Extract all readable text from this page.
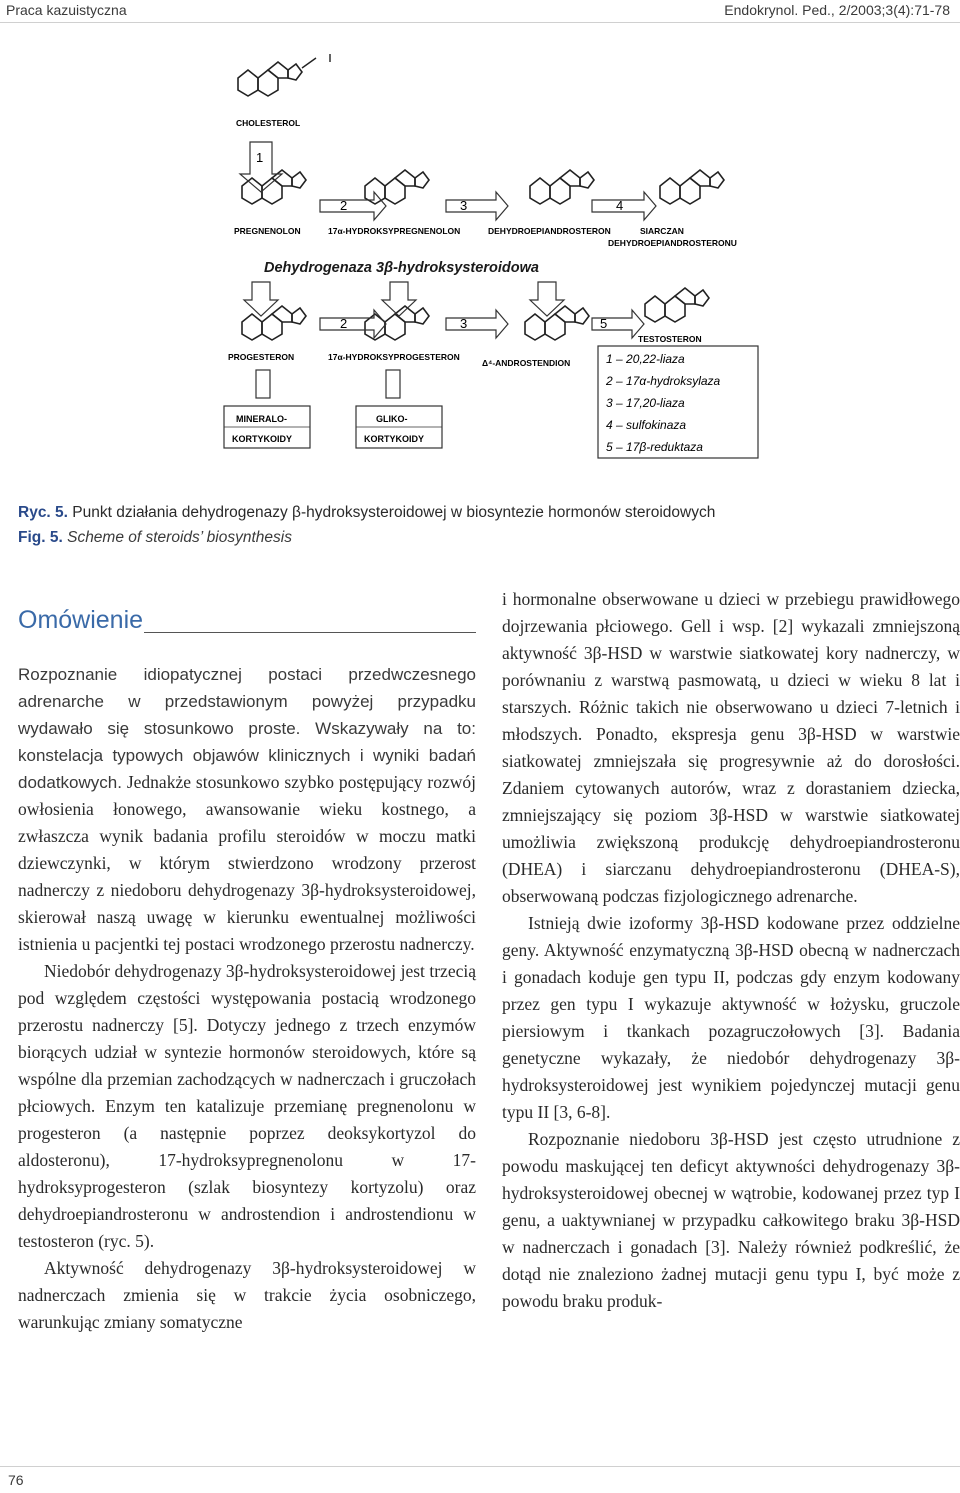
Praca kazuistyczna	Endokrynol. Ped., 2/2003;3(4):71-78
CHOLESTEROL
PREGNENOLON	17α-HYDROKSYPREGNENOLON	DEHYDROEPIANDROSTERON	SIARCZAN
DEHYDROEPIANDROSTERONU
PROGESTERON	17α-HYDROKSYPROGESTERON
Δ⁴-ANDROSTENDION
TESTOSTERON
Dehydrogenaza 3β-hydroksysteroidowa
1
2	3	4
2	3	5
MINERALO-
KORTYKOIDY
GLIKO-
KORTYKOIDY
1 – 20,22-liaza
2 – 17α-hydroksylaza
3 – 17,20-liaza
4 – sulfokinaza
5 – 17β-reduktaza
Ryc. 5. Punkt działania dehydrogenazy β-hydroksysteroidowej w biosyntezie hormonów steroidowych
Fig. 5. Scheme of steroids’ biosynthesis
Omówienie

Rozpoznanie idiopatycznej postaci przedwczesnego adrenarche w przedstawionym powyżej przypadku wydawało się stosunkowo proste. Wskazywały na to: konstelacja typowych objawów klinicznych i wyniki badań dodatkowych. Jednakże stosunkowo szybko postępujący rozwój owłosienia łonowego, awansowanie wieku kostnego, a zwłaszcza wynik badania profilu steroidów w moczu matki dziewczynki, w którym stwierdzono wrodzony przerost nadnerczy z niedoboru dehydrogenazy 3β-hydroksysteroidowej, skierował naszą uwagę w kierunku ewentualnej możliwości istnienia u pacjentki tej postaci wrodzonego przerostu nadnerczy.

Niedobór dehydrogenazy 3β-hydroksysteroidowej jest trzecią pod względem częstości występowania postacią wrodzonego przerostu nadnerczy [5]. Dotyczy jednego z trzech enzymów biorących udział w syntezie hormonów steroidowych, które są wspólne dla przemian zachodzących w nadnerczach i gruczołach płciowych. Enzym ten katalizuje przemianę pregnenolonu w progesteron (a następnie poprzez deoksykortyzol do aldosteronu), 17-hydroksypregnenolonu w 17-hydroksyprogesteron (szlak biosyntezy kortyzolu) oraz dehydroepiandrosteronu w androstendion i androstendionu w testosteron (ryc. 5).

Aktywność dehydrogenazy 3β-hydroksysteroidowej w nadnerczach zmienia się w trakcie życia osobniczego, warunkując zmiany somatyczne

i hormonalne obserwowane u dzieci w przebiegu prawidłowego dojrzewania płciowego. Gell i wsp. [2] wykazali zmniejszoną aktywność 3β-HSD w warstwie siatkowatej kory nadnerczy, w porównaniu z warstwą pasmowatą, u dzieci w wieku 8 lat i starszych. Różnic takich nie obserwowano u dzieci 7-letnich i młodszych. Ponadto, ekspresja genu 3β-HSD w warstwie siatkowatej zmniejszała się progresywnie aż do dorosłości. Zdaniem cytowanych autorów, wraz z dorastaniem dziecka, zmniejszający się poziom 3β-HSD w warstwie siatkowatej umożliwia zwiększoną produkcję dehydroepiandrosteronu (DHEA) i siarczanu dehydroepiandrosteronu (DHEA-S), obserwowaną podczas fizjologicznego adrenarche.

Istnieją dwie izoformy 3β-HSD kodowane przez oddzielne geny. Aktywność enzymatyczną 3β-HSD obecną w nadnerczach i gonadach koduje gen typu II, podczas gdy enzym kodowany przez gen typu I wykazuje aktywność w łożysku, gruczole piersiowym i tkankach pozagruczołowych [3]. Badania genetyczne wykazały, że niedobór dehydrogenazy 3β-hydroksysteroidowej jest wynikiem pojedynczej mutacji genu typu II [3, 6-8].

Rozpoznanie niedoboru 3β-HSD jest często utrudnione z powodu maskującej ten deficyt aktywności dehydrogenazy 3β-hydroksysteroidowej obecnej w wątrobie, kodowanej przez typ I genu, a uaktywnianej w przypadku całkowitego braku 3β-HSD w nadnerczach i gonadach [3]. Należy również podkreślić, że dotąd nie znaleziono żadnej mutacji genu typu I, być może z powodu braku produk-

76
